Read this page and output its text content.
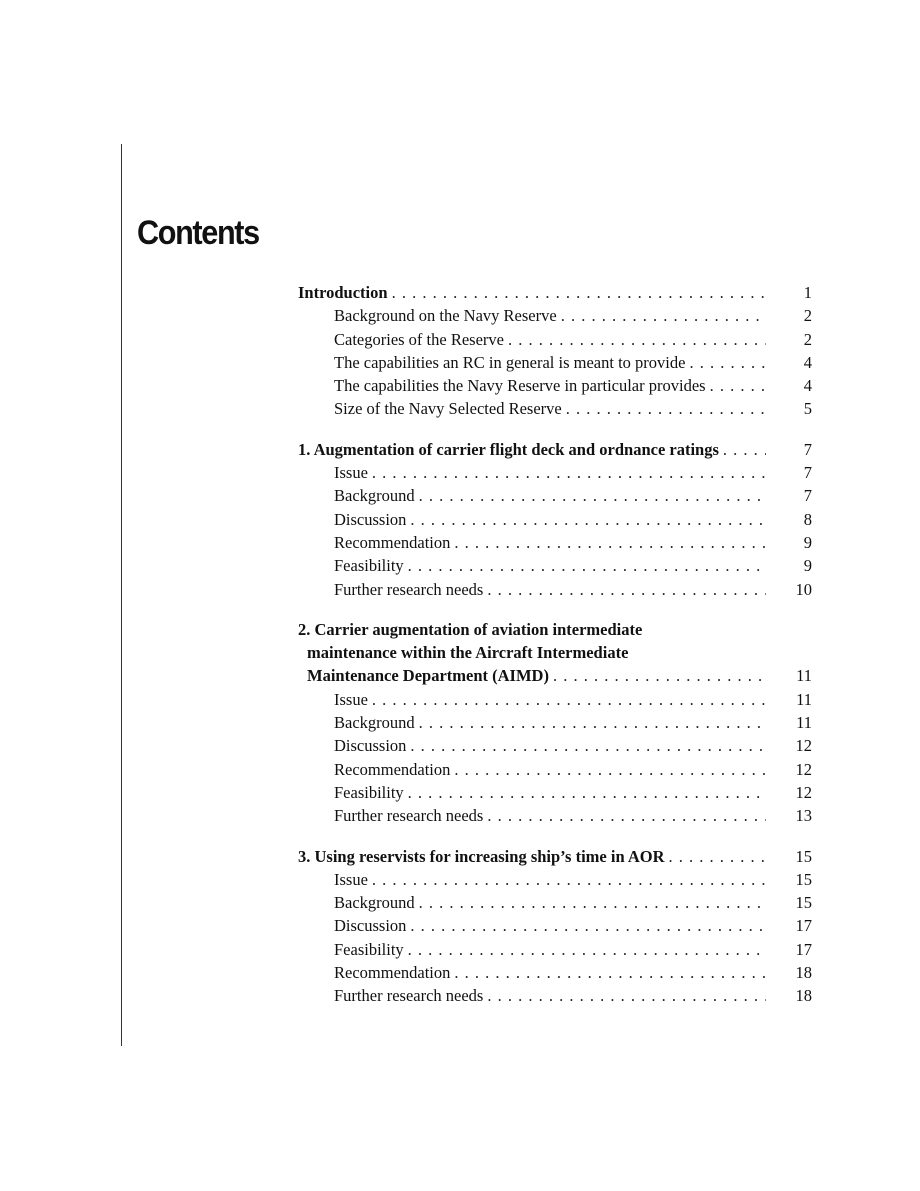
Contents
Introduction . . .	1
Background on the Navy Reserve . . .	2
Categories of the Reserve . . .	2
The capabilities an RC in general is meant to provide . . .	4
The capabilities the Navy Reserve in particular provides . . .	4
Size of the Navy Selected Reserve . . .	5
1. Augmentation of carrier flight deck and ordnance ratings . . .	7
Issue . . .	7
Background . . .	7
Discussion . . .	8
Recommendation . . .	9
Feasibility . . .	9
Further research needs . . .	10
2. Carrier augmentation of aviation intermediate
maintenance within the Aircraft Intermediate
Maintenance Department (AIMD) . . .	11
Issue . . .	11
Background . . .	11
Discussion . . .	12
Recommendation . . .	12
Feasibility . . .	12
Further research needs . . .	13
3. Using reservists for increasing ship’s time in AOR . . .	15
Issue . . .	15
Background . . .	15
Discussion . . .	17
Feasibility . . .	17
Recommendation . . .	18
Further research needs . . .	18
